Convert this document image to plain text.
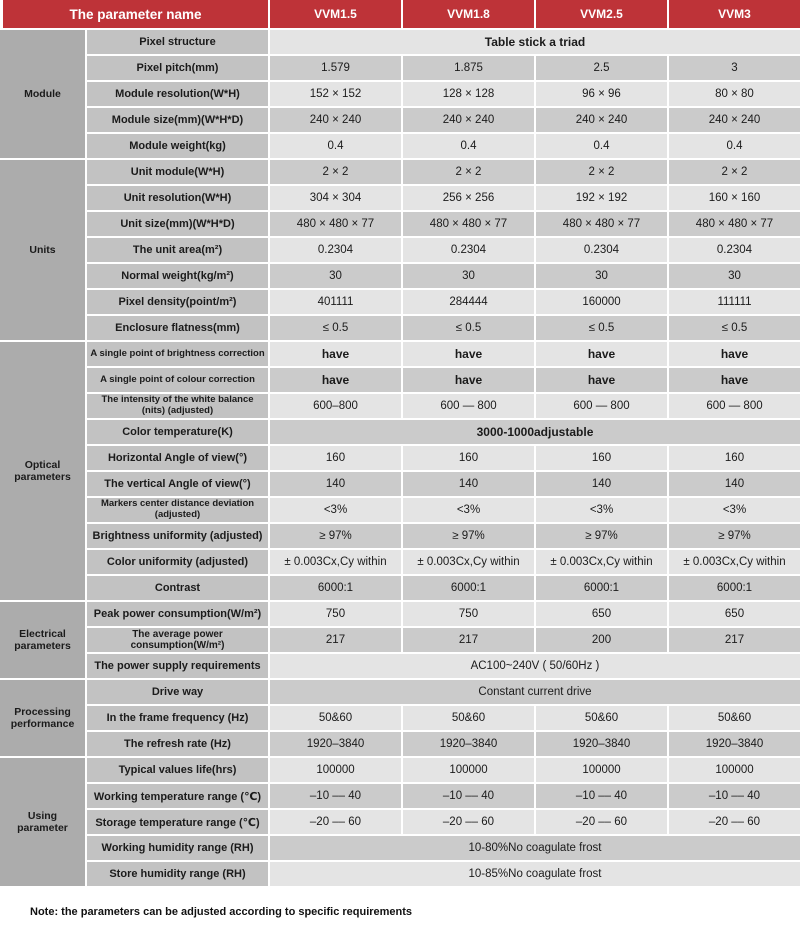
The parameter name	VVM1.5	VVM1.8	VVM2.5	VVM3
Module
Pixel structure	Table stick a triad
Pixel pitch(mm)	1.579	1.875	2.5	3
Module resolution(W*H)	152 × 152	128 × 128	96 × 96	80 × 80
Module size(mm)(W*H*D)	240 × 240	240 × 240	240 × 240	240 × 240
Module weight(kg)	0.4	0.4	0.4	0.4
Units
Unit module(W*H)	2 × 2	2 × 2	2 × 2	2 × 2
Unit resolution(W*H)	304 × 304	256 × 256	192 × 192	160 × 160
Unit size(mm)(W*H*D)	480 × 480 × 77	480 × 480 × 77	480 × 480 × 77	480 × 480 × 77
The unit area(m²)	0.2304	0.2304	0.2304	0.2304
Normal weight(kg/m²)	30	30	30	30
Pixel density(point/m²)	401111	284444	160000	111111
Enclosure flatness(mm)	≤ 0.5	≤ 0.5	≤ 0.5	≤ 0.5
Optical parameters
A single point of brightness correction	have	have	have	have
A single point of colour correction	have	have	have	have
The intensity of the white balance (nits) (adjusted)	600–800	600 — 800	600 — 800	600 — 800
Color temperature(K)	3000-1000adjustable
Horizontal Angle of view(°)	160	160	160	160
The vertical Angle of view(°)	140	140	140	140
Markers center distance deviation (adjusted)	<3%	<3%	<3%	<3%
Brightness uniformity (adjusted)	≥ 97%	≥ 97%	≥ 97%	≥ 97%
Color uniformity (adjusted)	± 0.003Cx,Cy within	± 0.003Cx,Cy within	± 0.003Cx,Cy within	± 0.003Cx,Cy within
Contrast	6000:1	6000:1	6000:1	6000:1
Electrical parameters
Peak power consumption(W/m²)	750	750	650	650
The average power consumption(W/m²)	217	217	200	217
The power supply requirements	AC100~240V ( 50/60Hz )
Processing performance
Drive way	Constant current drive
In the frame frequency (Hz)	50&60	50&60	50&60	50&60
The refresh rate (Hz)	1920–3840	1920–3840	1920–3840	1920–3840
Using parameter
Typical values life(hrs)	100000	100000	100000	100000
Working temperature range (℃)	–10 –– 40	–10 –– 40	–10 –– 40	–10 –– 40
Storage temperature range (℃)	–20 –– 60	–20 –– 60	–20 –– 60	–20 –– 60
Working humidity range (RH)	10-80%No coagulate frost
Store humidity range (RH)	10-85%No coagulate frost
Note: the parameters can be adjusted according to specific requirements
